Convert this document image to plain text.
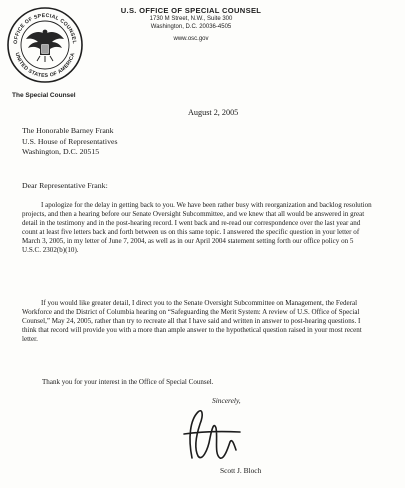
OFFICE OF SPECIAL COUNSEL
UNITED STATES OF AMERICA
The Special Counsel
U.S. OFFICE OF SPECIAL COUNSEL
1730 M Street, N.W., Suite 300
Washington, D.C. 20036-4505
www.osc.gov
August 2, 2005
The Honorable Barney Frank
U.S. House of Representatives
Washington, D.C. 20515
Dear Representative Frank:

I apologize for the delay in getting back to you. We have been rather busy with reorganization and backlog resolution projects, and then a hearing before our Senate Oversight Subcommittee, and we knew that all would be answered in great detail in the testimony and in the post-hearing record. I went back and re-read our correspondence over the last year and count at least five letters back and forth between us on this same topic. I answered the specific question in your letter of March 3, 2005, in my letter of June 7, 2004, as well as in our April 2004 statement setting forth our office policy on 5 U.S.C. 2302(b)(10).

If you would like greater detail, I direct you to the Senate Oversight Subcommittee on Management, the Federal Workforce and the District of Columbia hearing on “Safeguarding the Merit System: A review of U.S. Office of Special Counsel,” May 24, 2005, rather than try to recreate all that I have said and written in answer to post-hearing questions. I think that record will provide you with a more than ample answer to the hypothetical question raised in your most recent letter.

Thank you for your interest in the Office of Special Counsel.

Sincerely,
Scott J. Bloch
